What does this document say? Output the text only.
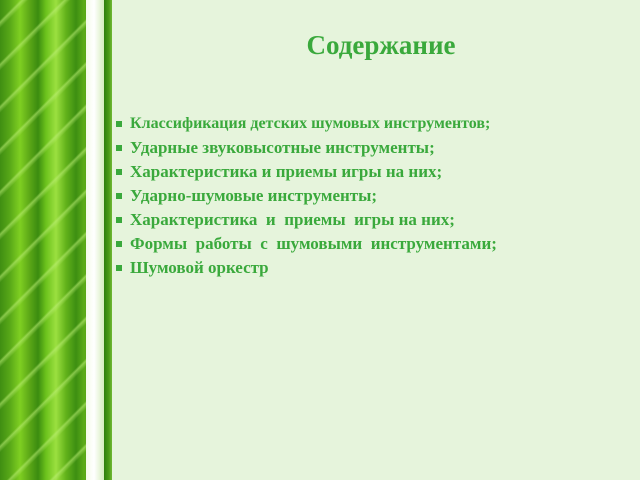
Содержание
Классификация детских шумовых инструментов;
Ударные звуковысотные инструменты;
Характеристика и приемы игры на них;
Ударно-шумовые инструменты;
Характеристика  и  приемы  игры на них;
Формы  работы  с  шумовыми  инструментами;
Шумовой оркестр
